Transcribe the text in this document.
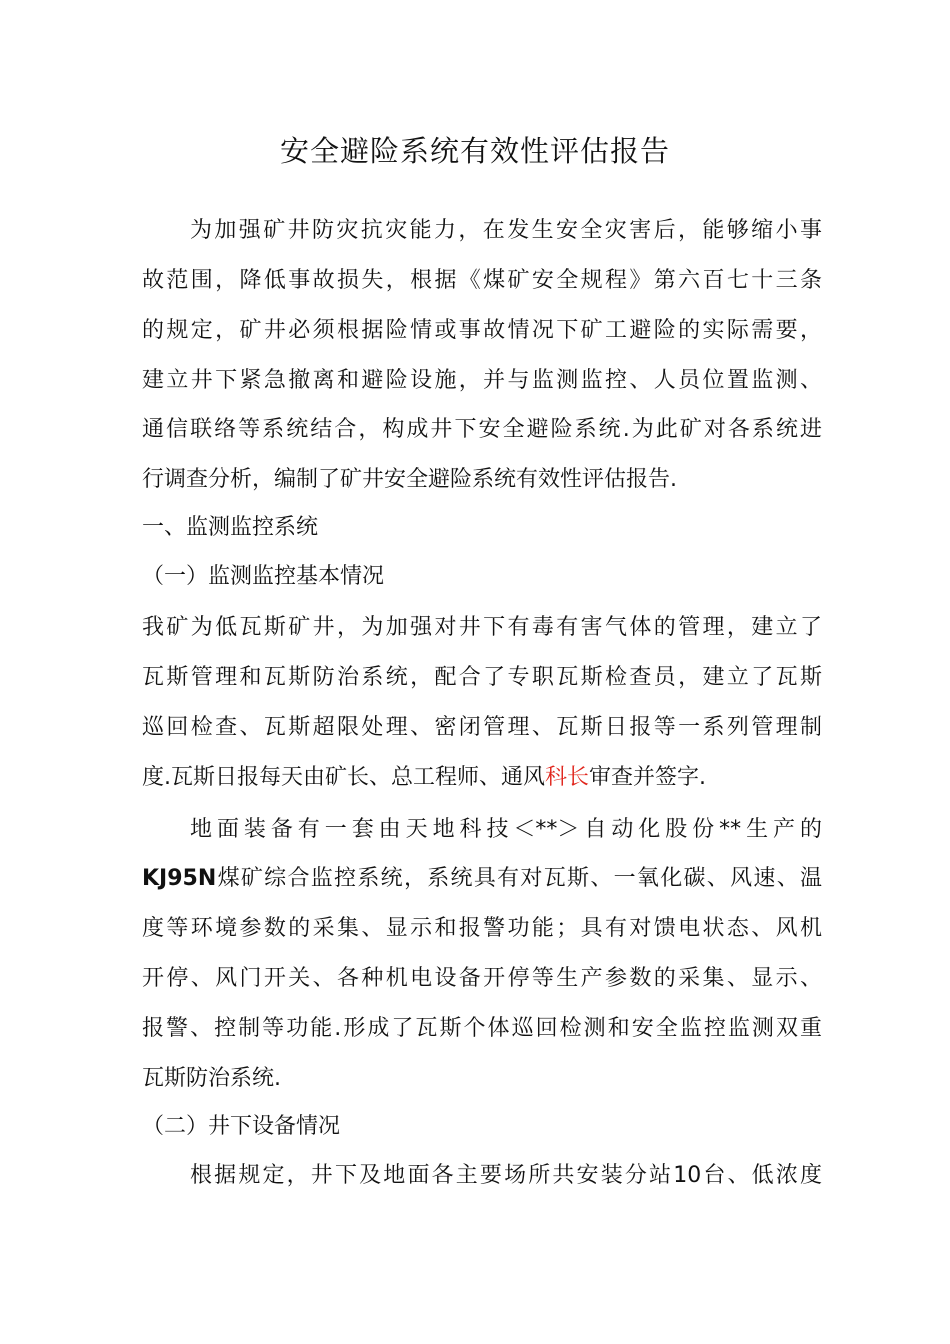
安全避险系统有效性评估报告

为加强矿井防灾抗灾能力，在发生安全灾害后，能够缩小事

故范围，降低事故损失，根据《煤矿安全规程》第六百七十三条

的规定，矿井必须根据险情或事故情况下矿工避险的实际需要，

建立井下紧急撤离和避险设施，并与监测监控、人员位置监测、

通信联络等系统结合，构成井下安全避险系统.为此矿对各系统进

行调查分析，编制了矿井安全避险系统有效性评估报告.

一、监测监控系统

（一）监测监控基本情况

我矿为低瓦斯矿井，为加强对井下有毒有害气体的管理，建立了

瓦斯管理和瓦斯防治系统，配合了专职瓦斯检查员，建立了瓦斯

巡回检查、瓦斯超限处理、密闭管理、瓦斯日报等一系列管理制

度.瓦斯日报每天由矿长、总工程师、通风科长审查并签字.

地面装备有一套由天地科技＜**＞自动化股份**生产的

KJ95N煤矿综合监控系统，系统具有对瓦斯、一氧化碳、风速、温

度等环境参数的采集、显示和报警功能；具有对馈电状态、风机

开停、风门开关、各种机电设备开停等生产参数的采集、显示、

报警、控制等功能.形成了瓦斯个体巡回检测和安全监控监测双重

瓦斯防治系统.

（二）井下设备情况

根据规定，井下及地面各主要场所共安装分站10台、低浓度
